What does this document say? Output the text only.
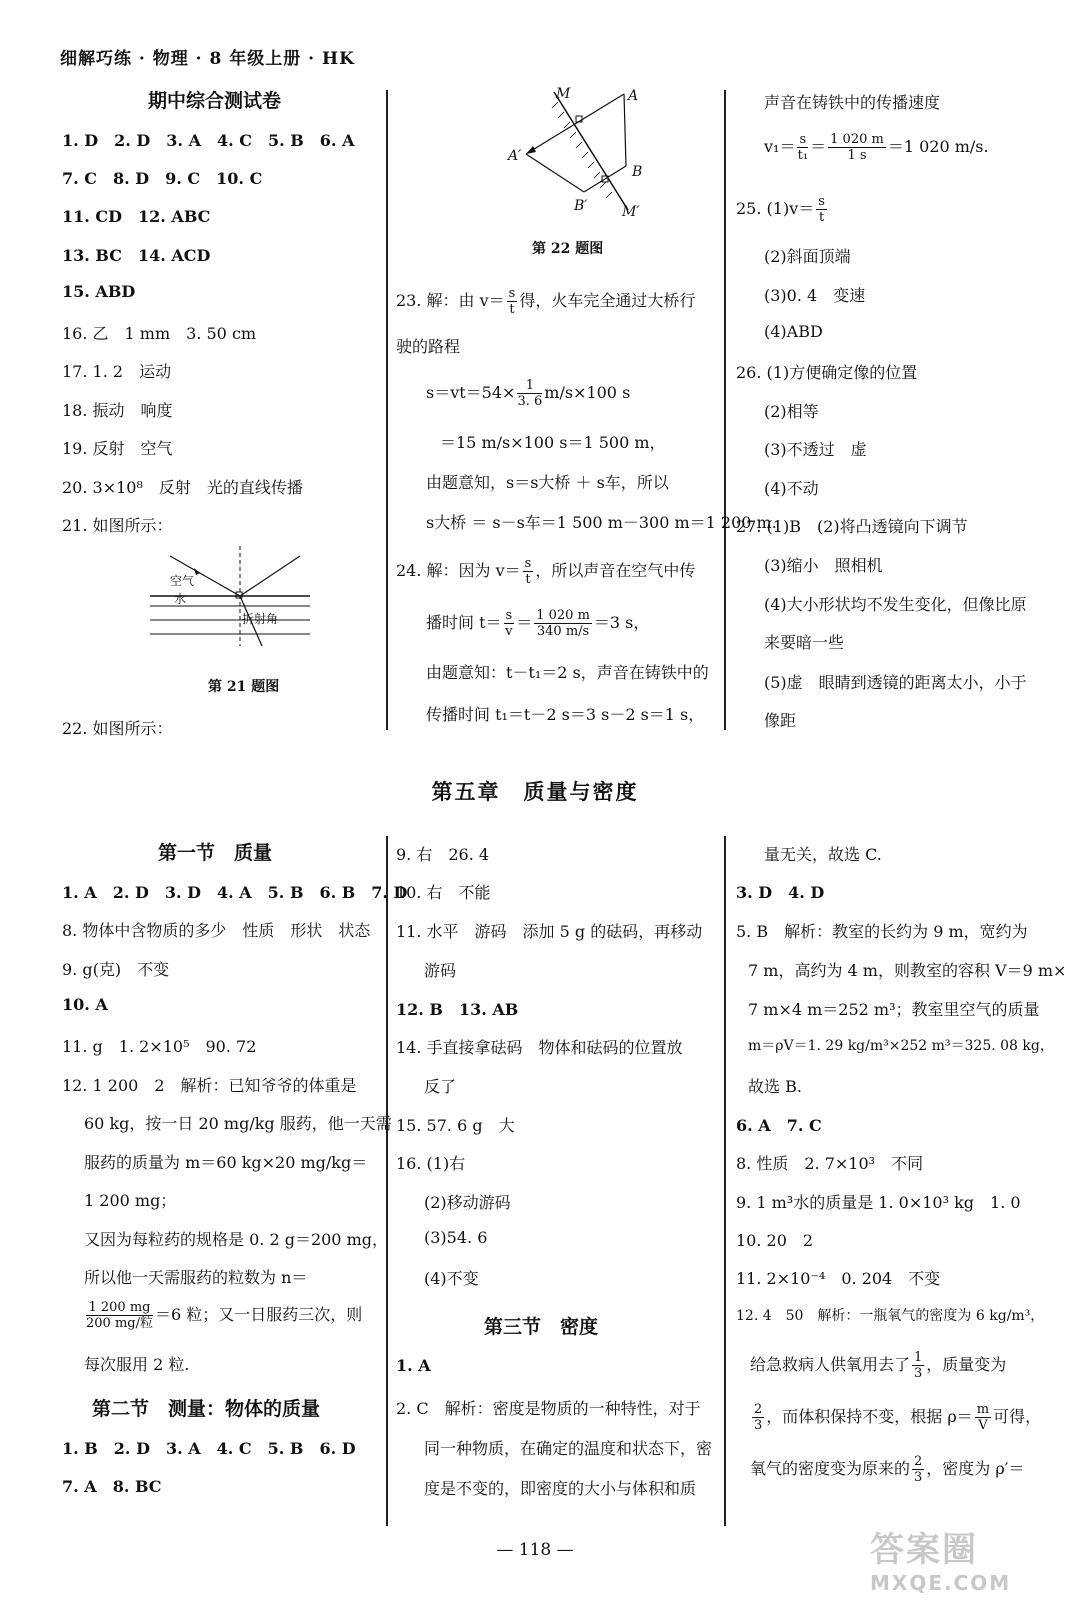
细解巧练 · 物理 · 8 年级上册 · HK
期中综合测试卷
1. D　2. D　3. A　4. C　5. B　6. A
7. C　8. D　9. C　10. C
11. CD　12. ABC
13. BC　14. ACD
15. ABD
16. 乙　1 mm　3. 50 cm
17. 1. 2　运动
18. 振动　响度
19. 反射　空气
20. 3×10⁸　反射　光的直线传播
21. 如图所示：
空气
水
折射角
第 21 题图
22. 如图所示：
M	A
A′
B
B′ M′
第 22 题图
23. 解：由 $v= \frac{s}{t}$ 得，火车完全通过大桥行
驶的路程
$s=vt=54\times \frac{1}{3. 6} m/s\times 100$ s
＝15 m/s×100 s＝1 500 m，
由题意知，s＝s大桥 ＋ s车，所以
s大桥 ＝ s－s车＝1 500 m－300 m＝1 200 m.
24. 解：因为 $v= \frac{s}{t}$ ，所以声音在空气中传
播时间 $t= \frac{s}{v} = \frac{1 020 m}{340 m/s} =3$ s，
由题意知：t－t₁＝2 s，声音在铸铁中的
传播时间 t₁＝t－2 s＝3 s－2 s＝1 s，
声音在铸铁中的传播速度
$v_1= \frac{s}{\text{t₁}} = \frac{1 020 m}{1 s} =1$ 020 m/s.
25. $(1)v= \frac{s}{t}$
(2)斜面顶端
(3)0. 4　变速
(4)ABD
26. (1)方便确定像的位置
(2)相等
(3)不透过　虚
(4)不动
27. (1)B　(2)将凸透镜向下调节
(3)缩小　照相机
(4)大小形状均不发生变化，但像比原
来要暗一些
(5)虚　眼睛到透镜的距离太小，小于
像距
第五章　质量与密度
第一节　质量
1. A　2. D　3. D　4. A　5. B　6. B　7. D
8. 物体中含物质的多少　性质　形状　状态
9. g(克)　不变
10. A
11. g　1. 2×10⁵　90. 72
12. 1 200　2　解析：已知爷爷的体重是
60 kg，按一日 20 mg/kg 服药，他一天需
服药的质量为 m＝60 kg×20 mg/kg＝
1 200 mg；
又因为每粒药的规格是 0. 2 g＝200 mg，
所以他一天需服药的粒数为 n＝
$\frac{1 200 mg}{\text{200 mg/粒}} =6$ 粒；又一日服药三次，则
每次服用 2 粒.
第二节　测量：物体的质量
1. B　2. D　3. A　4. C　5. B　6. D
7. A　8. BC
9. 右　26. 4
10. 右　不能
11. 水平　游码　添加 5 g 的砝码，再移动
游码
12. B　13. AB
14. 手直接拿砝码　物体和砝码的位置放
反了
15. 57. 6 g　大
16. (1)右
(2)移动游码
(3)54. 6
(4)不变
第三节　密度
1. A
2. C　解析：密度是物质的一种特性，对于
同一种物质，在确定的温度和状态下，密
度是不变的，即密度的大小与体积和质
量无关，故选 C.
3. D　4. D
5. B　解析：教室的长约为 9 m，宽约为
7 m，高约为 4 m，则教室的容积 V＝9 m×
7 m×4 m＝252 m³；教室里空气的质量
m＝ρV＝1. 29 kg/m³×252 m³＝325. 08 kg，
故选 B.
6. A　7. C
8. 性质　2. 7×10³　不同
9. 1 m³水的质量是 1. 0×10³ kg　1. 0
10. 20　2
11. 2×10⁻⁴　0. 204　不变
12. 4　50　解析：一瓶氧气的密度为 6 kg/m³，
给急救病人供氧用去了 $\frac{1}{3}$ ，质量变为
$\frac{2}{3}$ ，而体积保持不变，根据 $\rho= \frac{m}{V}$ 可得，
氧气的密度变为原来的 $\frac{2}{3}$ ，密度为 ρ′＝
— 118 —	答案圈
MXQE.COM
